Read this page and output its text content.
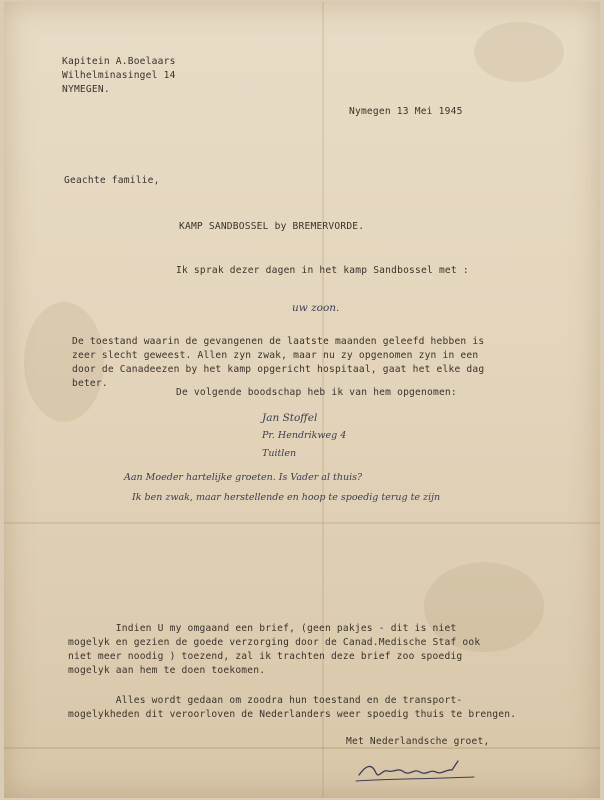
Kapitein A.Boelaars
Wilhelminasingel 14
NYMEGEN.
Nymegen 13 Mei 1945
Geachte familie,
KAMP SANDBOSSEL by BREMERVORDE.
Ik sprak dezer dagen in het kamp Sandbossel met :
uw zoon.
De toestand waarin de gevangenen de laatste maanden geleefd hebben is
zeer slecht geweest. Allen zyn zwak, maar nu zy opgenomen zyn in een
door de Canadeezen by het kamp opgericht hospitaal, gaat het elke dag
beter.
De volgende boodschap heb ik van hem opgenomen:
Jan Stoffel
Pr. Hendrikweg 4
Tuitlen
Aan Moeder hartelijke groeten. Is Vader al thuis?
Ik ben zwak, maar herstellende en hoop te spoedig terug te zijn
Indien U my omgaand een brief, (geen pakjes - dit is niet
mogelyk en gezien de goede verzorging door de Canad.Medische Staf ook
niet meer noodig ) toezend, zal ik trachten deze brief zoo spoedig
mogelyk aan hem te doen toekomen.
Alles wordt gedaan om zoodra hun toestand en de transport-
mogelykheden dit veroorloven de Nederlanders weer spoedig thuis te brengen.
Met Nederlandsche groet,
